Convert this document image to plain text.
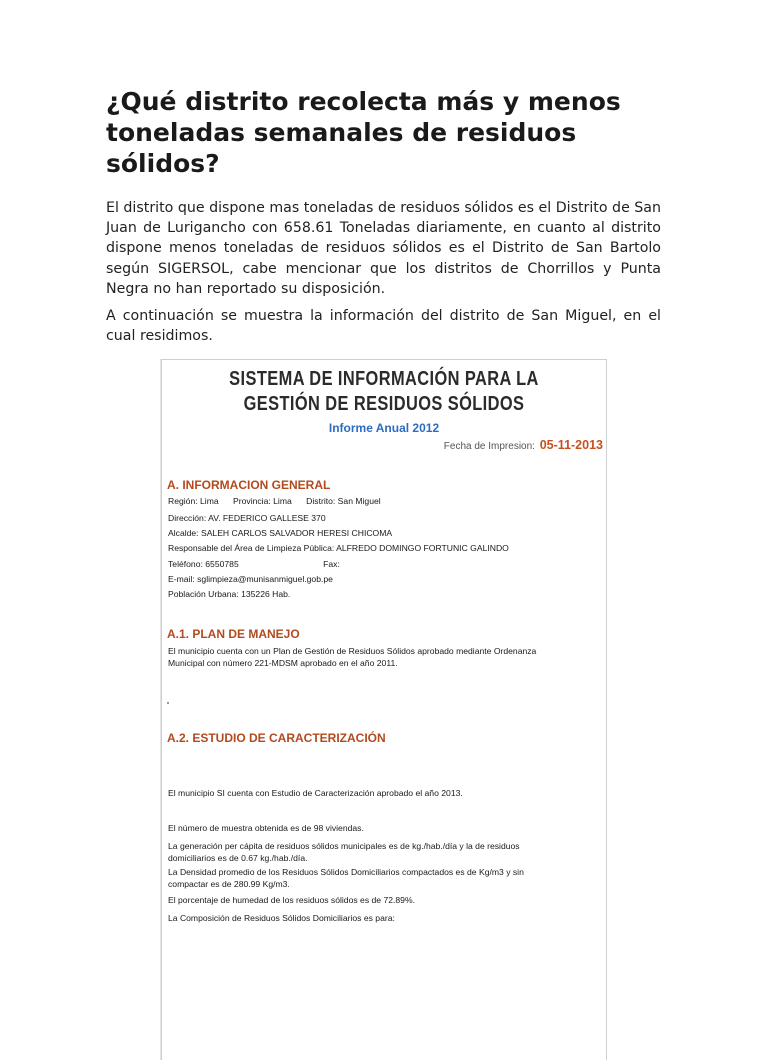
¿Qué distrito recolecta más y menos toneladas semanales de residuos sólidos?

El distrito que dispone mas toneladas de residuos sólidos es el Distrito de San Juan de Lurigancho con 658.61 Toneladas diariamente, en cuanto al distrito dispone menos toneladas de residuos sólidos es el Distrito de San Bartolo según SIGERSOL, cabe mencionar que los distritos de Chorrillos y Punta Negra no han reportado su disposición.

A continuación se muestra la información del distrito de San Miguel, en el cual residimos.

SISTEMA DE INFORMACIÓN PARA LA
GESTIÓN DE RESIDUOS SÓLIDOS
Informe Anual 2012
Fecha de Impresion: 05-11-2013
A. INFORMACION GENERAL
Región: Lima Provincia: Lima Distrito: San Miguel
Dirección: AV. FEDERICO GALLESE 370
Alcalde: SALEH CARLOS SALVADOR HERESI CHICOMA
Responsable del Área de Limpieza Pública: ALFREDO DOMINGO FORTUNIC GALINDO
Teléfono: 6550785	Fax:
E-mail: sglimpieza@munisanmiguel.gob.pe
Población Urbana: 135226 Hab.
A.1. PLAN DE MANEJO
El municipio cuenta con un Plan de Gestión de Residuos Sólidos aprobado mediante Ordenanza
Municipal con número 221-MDSM aprobado en el año 2011.
A.2. ESTUDIO DE CARACTERIZACIÓN
El municipio SI cuenta con Estudio de Caracterización aprobado el año 2013.
El número de muestra obtenida es de 98 viviendas.
La generación per cápita de residuos sólidos municipales es de kg./hab./día y la de residuos
domiciliarios es de 0.67 kg./hab./día.
La Densidad promedio de los Residuos Sólidos Domiciliarios compactados es de Kg/m3 y sin
compactar es de 280.99 Kg/m3.
El porcentaje de humedad de los residuos sólidos es de 72.89%.
La Composición de Residuos Sólidos Domiciliarios es para:
